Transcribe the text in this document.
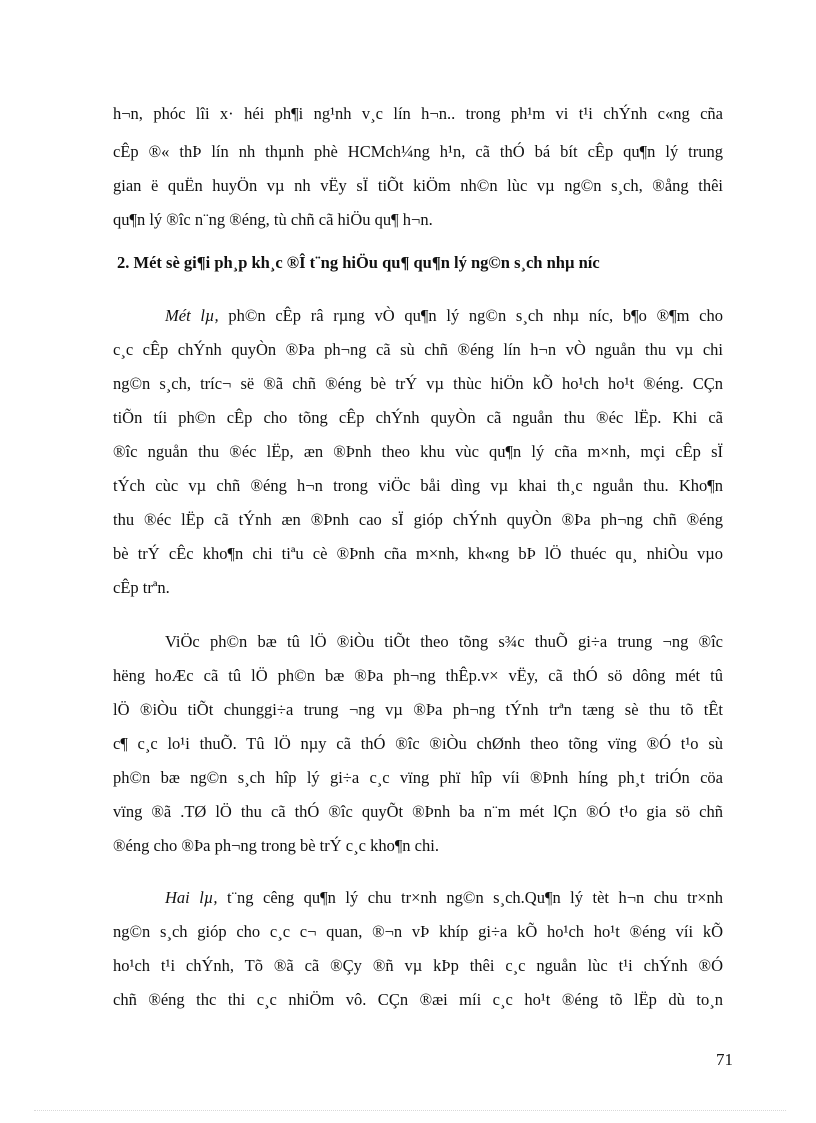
h¬n, phóc lîi x· héi ph¶i ng¹nh v¸c lín h¬n.. trong ph¹m vi t¹i chÝnh c«ng cña
cÊp ®« thÞ lín nh thµnh phè HCMch¼ng h¹n, cã thÓ bá bít cÊp qu¶n lý trung
gian ë quËn huyÖn vµ nh vËy sÏ tiÕt kiÖm nh©n lùc vµ ng©n s¸ch, ®ång thêi
qu¶n lý ®îc n¨ng ®éng, tù chñ cã hiÖu qu¶ h¬n.
2. Mét sè gi¶i ph¸p kh¸c ®Î t¨ng hiÖu qu¶ qu¶n lý ng©n s¸ch nhµ níc
Mét lµ, ph©n cÊp râ rµng vÒ qu¶n lý ng©n s¸ch nhµ níc, b¶o ®¶m cho
c¸c cÊp chÝnh quyÒn ®Þa ph¬ng cã sù chñ ®éng lín h¬n vÒ nguån thu vµ chi
ng©n s¸ch, tríc¬ së ®ã chñ ®éng bè trÝ vµ thùc hiÖn kÕ ho¹ch ho¹t ®éng. CÇn
tiÕn tíi ph©n cÊp cho tõng cÊp chÝnh quyÒn cã nguån thu ®éc lËp. Khi cã
®îc nguån thu ®éc lËp, æn ®Þnh theo khu vùc qu¶n lý cña m×nh, mçi cÊp sÏ
tÝch cùc vµ chñ ®éng h¬n trong viÖc båi dìng vµ khai th¸c nguån thu. Kho¶n
thu ®éc lËp cã tÝnh æn ®Þnh cao sÏ gióp chÝnh quyÒn ®Þa ph¬ng chñ ®éng
bè trÝ cÊc kho¶n chi tiªu cè ®Þnh cña m×nh, kh«ng bÞ lÖ thuéc qu¸ nhiÒu vµo
cÊp trªn.
ViÖc ph©n bæ tû lÖ ®iÒu tiÕt theo tõng s¾c thuÕ gi÷a trung ¬ng ®îc
hëng hoÆc cã tû lÖ ph©n bæ ®Þa ph¬ng thÊp.v× vËy, cã thÓ sö dông mét tû
lÖ ®iÒu tiÕt chunggi÷a trung ¬ng vµ ®Þa ph¬ng tÝnh trªn tæng sè thu tõ tÊt
c¶ c¸c lo¹i thuÕ. Tû lÖ nµy cã thÓ ®îc ®iÒu chØnh theo tõng vïng ®Ó t¹o sù
ph©n bæ ng©n s¸ch hîp lý gi÷a c¸c vïng phï hîp víi ®Þnh híng ph¸t triÓn cöa
vïng ®ã .TØ lÖ thu cã thÓ ®îc quyÕt ®Þnh ba n¨m mét lÇn ®Ó t¹o gia sö chñ
®éng cho ®Þa ph¬ng trong bè trÝ c¸c kho¶n chi.
Hai lµ, t¨ng cêng qu¶n lý chu tr×nh ng©n s¸ch.Qu¶n lý tèt h¬n chu tr×nh
ng©n s¸ch gióp cho c¸c c¬ quan, ®¬n vÞ khíp gi÷a kÕ ho¹ch ho¹t ®éng víi kÕ
ho¹ch t¹i chÝnh, Tõ ®ã cã ®Çy ®ñ vµ kÞp thêi c¸c nguån lùc t¹i chÝnh ®Ó
chñ ®éng thc thi c¸c nhiÖm vô. CÇn ®æi míi c¸c ho¹t ®éng tõ lËp dù to¸n
71
